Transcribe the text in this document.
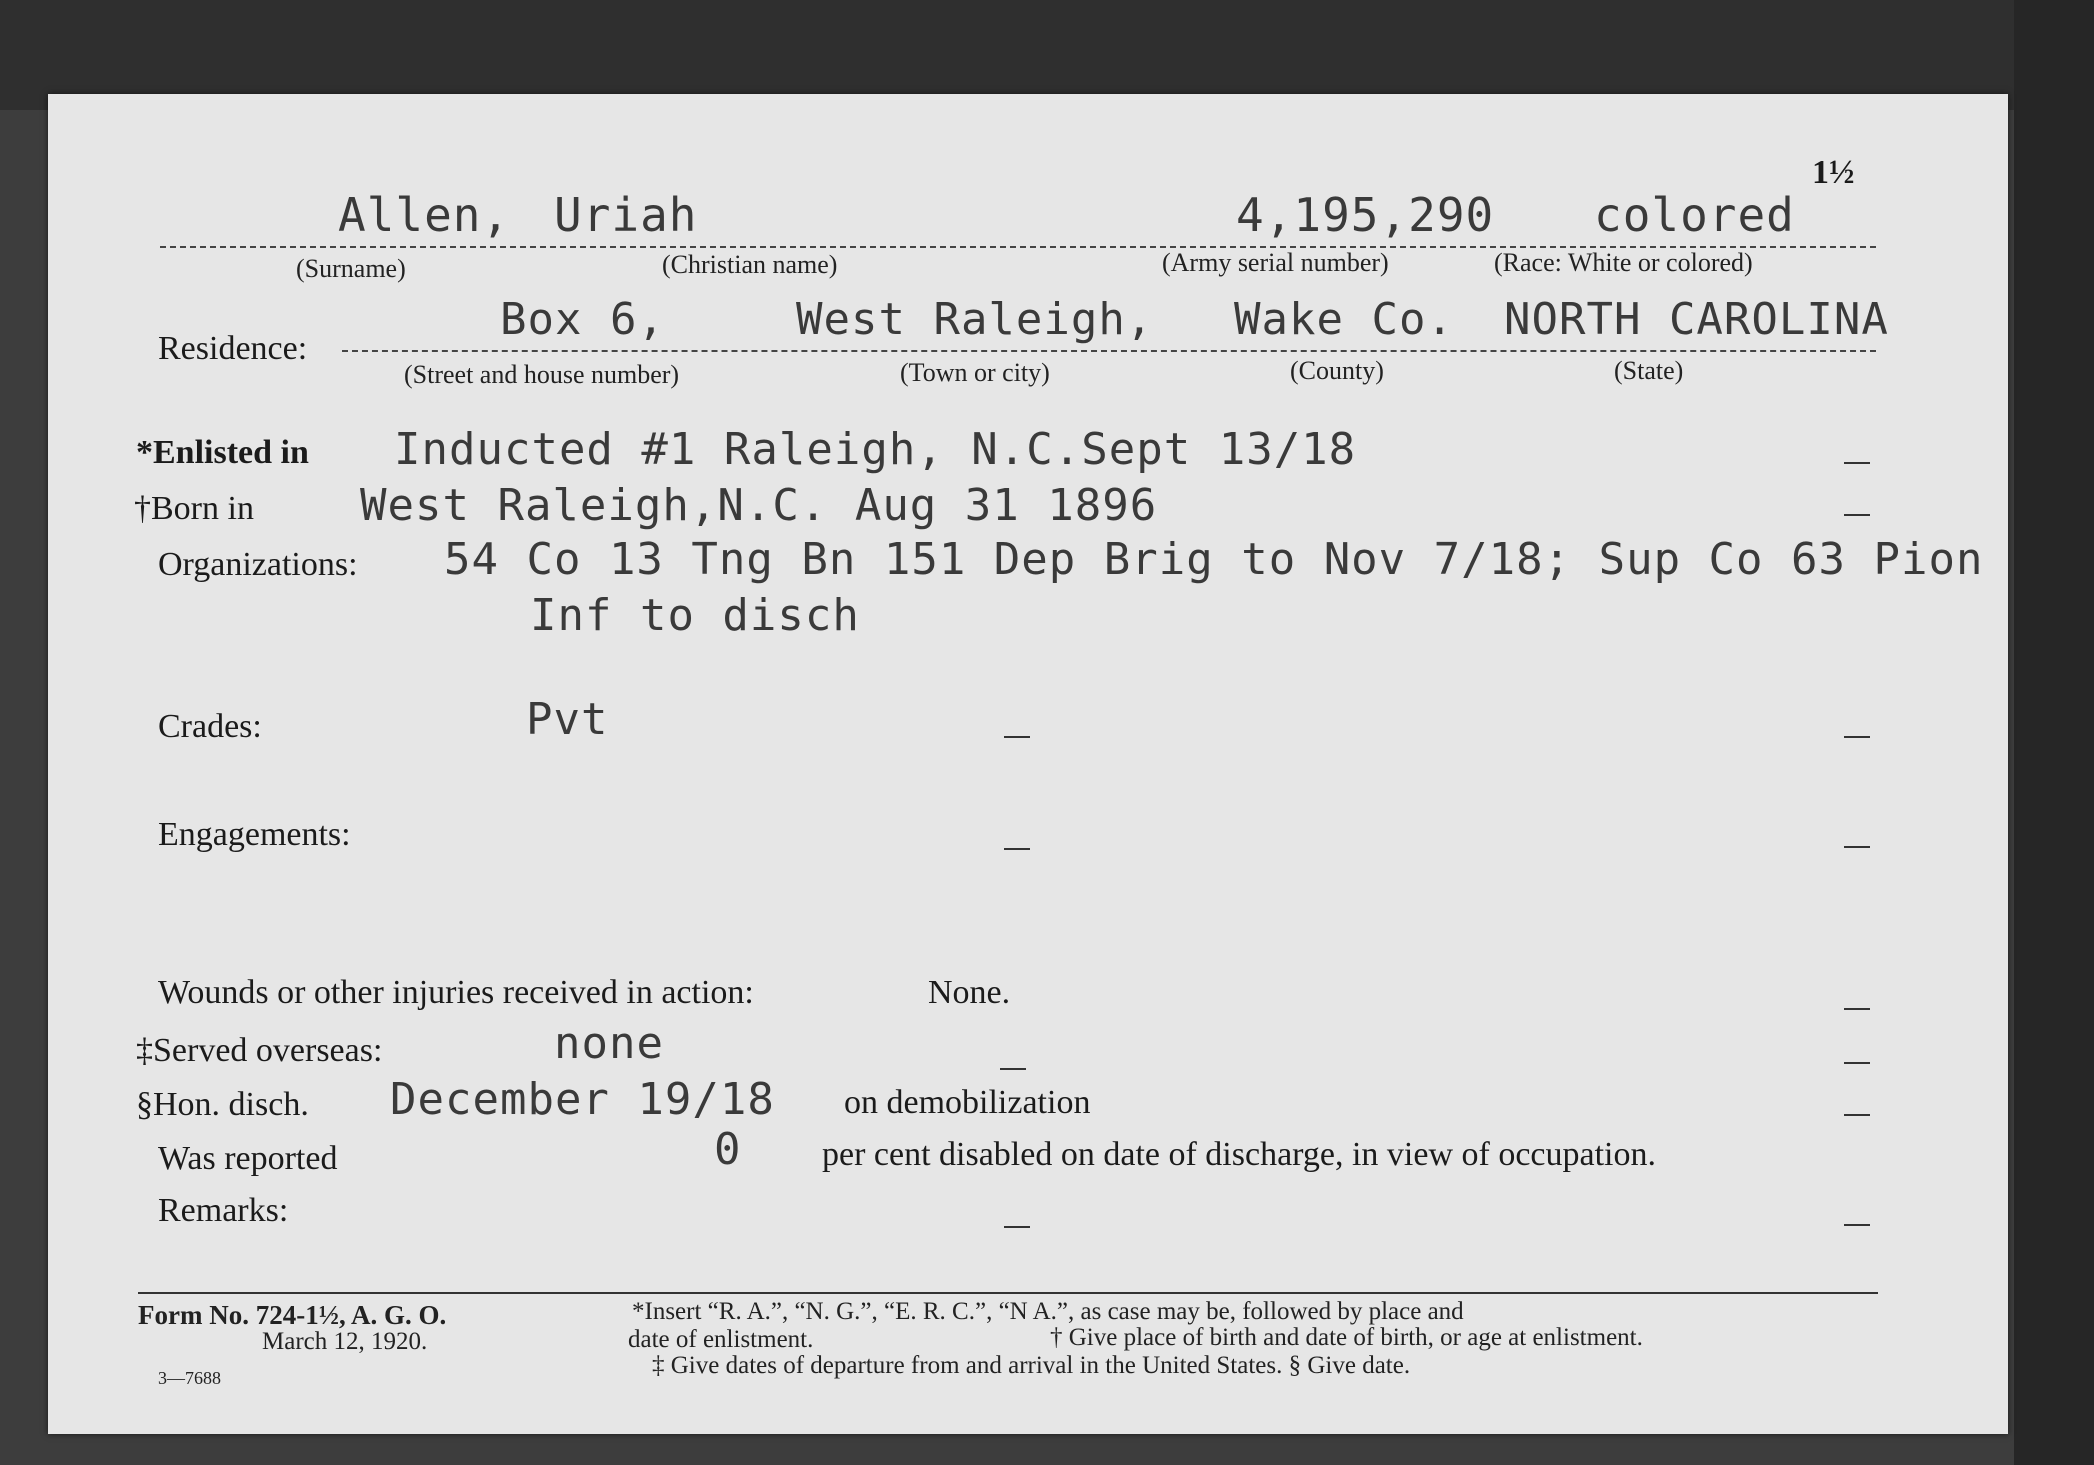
1½
Allen, Uriah	4,195,290 colored
(Surname)	(Christian name)	(Army serial number)	(Race: White or colored)
Residence:
Box 6,	West Raleigh, Wake Co. NORTH CAROLINA
(Street and house number)	(Town or city)	(County)	(State)
*Enlisted in Inducted #1 Raleigh, N.C.Sept 13/18
†Born in West Raleigh,N.C. Aug 31 1896
Organizations: 54 Co 13 Tng Bn 151 Dep Brig to Nov 7/18; Sup Co 63 Pion
Inf to disch
Crades:	Pvt
Engagements:
Wounds or other injuries received in action:	None.
‡Served overseas:	none
§Hon. disch. December 19/18 on demobilization
Was reported	0 per cent disabled on date of discharge, in view of occupation.
Remarks:
Form No. 724-1½, A. G. O.
March 12, 1920.
3—7688
*Insert “R. A.”, “N. G.”, “E. R. C.”, “N A.”, as case may be, followed by place and
date of enlistment.	† Give place of birth and date of birth, or age at enlistment.
‡ Give dates of departure from and arrival in the United States. § Give date.
